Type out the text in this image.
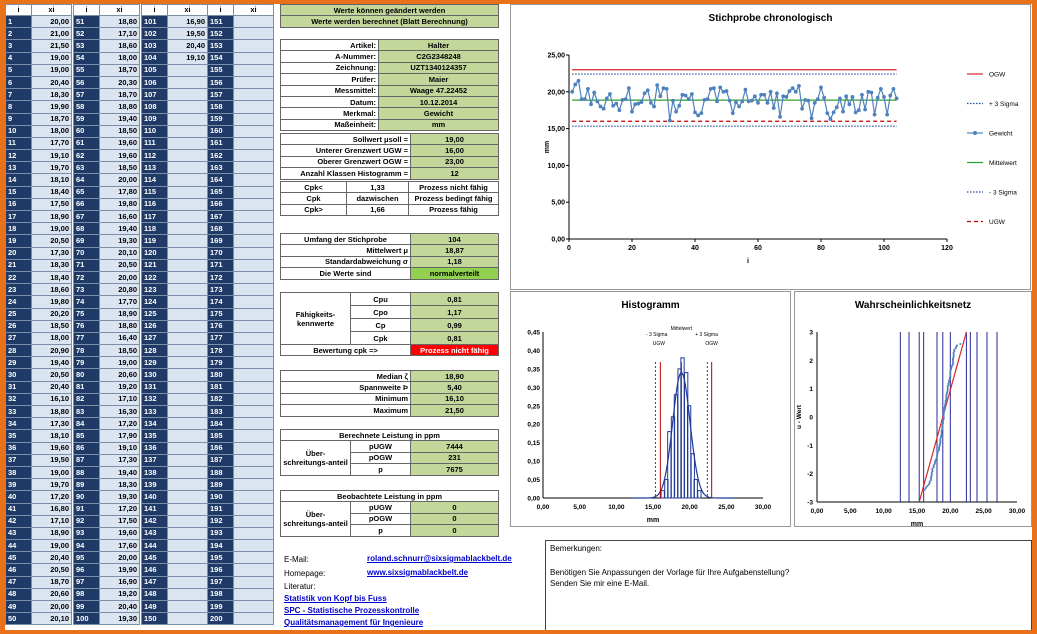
i	xi
1	20,00
2	21,00
3	21,50
4	19,00
5	19,00
6	20,40
7	18,30
8	19,90
9	18,70
10	18,00
11	17,70
12	19,10
13	19,70
14	18,10
15	18,40
16	17,50
17	18,90
18	19,00
19	20,50
20	17,30
21	18,30
22	18,40
23	18,60
24	19,80
25	20,20
26	18,50
27	18,00
28	20,90
29	19,40
30	20,50
31	20,40
32	16,10
33	18,80
34	17,30
35	18,10
36	19,60
37	19,50
38	19,00
39	19,70
40	17,20
41	16,80
42	17,10
43	18,90
44	19,00
45	20,40
46	20,50
47	18,70
48	20,60
49	20,00
50	20,10
i	xi
51	18,80
52	17,10
53	18,60
54	18,00
55	18,70
56	20,30
57	18,70
58	18,80
59	19,40
60	18,50
61	19,60
62	19,60
63	18,50
64	20,00
65	17,80
66	19,80
67	16,60
68	19,40
69	19,30
70	20,10
71	20,50
72	20,00
73	20,80
74	17,70
75	18,90
76	18,80
77	16,40
78	18,50
79	19,00
80	20,60
81	19,20
82	17,10
83	16,30
84	17,20
85	17,90
86	19,10
87	17,30
88	19,40
89	18,30
90	19,30
91	17,20
92	17,50
93	19,60
94	17,60
95	20,00
96	19,90
97	16,90
98	19,20
99	20,40
100	19,30
i	xi
101	16,90
102	19,50
103	20,40
104	19,10
105	
106	
107	
108	
109	
110	
111	
112	
113	
114	
115	
116	
117	
118	
119	
120	
121	
122	
123	
124	
125	
126	
127	
128	
129	
130	
131	
132	
133	
134	
135	
136	
137	
138	
139	
140	
141	
142	
143	
144	
145	
146	
147	
148	
149	
150	
i	xi
151	
152	
153	
154	
155	
156	
157	
158	
159	
160	
161	
162	
163	
164	
165	
166	
167	
168	
169	
170	
171	
172	
173	
174	
175	
176	
177	
178	
179	
180	
181	
182	
183	
184	
185	
186	
187	
188	
189	
190	
191	
192	
193	
194	
195	
196	
197	
198	
199	
200	
Werte können geändert werden
Werte werden berechnet (Blatt Berechnung)
Artikel:	Halter
A-Nummer:	C2G2348248
Zeichnung:	UZT1340124357
Prüfer:	Maier
Messmittel:	Waage 47.22452
Datum:	10.12.2014
Merkmal:	Gewicht
Maßeinheit:	mm
Sollwert μsoll =	19,00
Unterer Grenzwert UGW =	16,00
Oberer Grenzwert OGW =	23,00
Anzahl Klassen Histogramm =	12
Cpk<	1,33	Prozess nicht fähig
Cpk	dazwischen	Prozess bedingt fähig
Cpk>	1,66	Prozess fähig
Umfang der Stichprobe	104
Mittelwert μ	18,87
Standardabweichung σ	1,18
Die Werte sind	normalverteilt
Fähigkeits-kennwerte	Cpu	0,81
	Cpo	1,17
	Cp	0,99
	Cpk	0,81
Bewertung cpk =>		Prozess nicht fähig
Median ζ	18,90
Spannweite Þ	5,40
Minimum	16,10
Maximum	21,50
Berechnete Leistung in ppm		
Über- schreitungs-anteil	pUGW	7444
	pOGW	231
	p	7675
Beobachtete Leistung in ppm		
Über- schreitungs-anteil	pUGW	0
	pOGW	0
	p	0
E-Mail:	roland.schnurr@sixsigmablackbelt.de
Homepage:	www.sixsigmablackbelt.de
Literatur:
Statistik von Kopf bis Fuss
SPC - Statistische Prozesskontrolle
Qualitätsmanagement für Ingenieure
Bemerkungen:
Benötigen Sie Anpassungen der Vorlage für Ihre Aufgabenstellung?
Senden Sie mir eine E-Mail.
Stichprobe chronologisch
0,00
5,00
10,00
15,00
20,00
25,00
0	20	40	60	80	100	120
mm
i
OGW
+ 3 Sigma
Gewicht
Mittelwert
- 3 Sigma
UGW
Histogramm
0,00
0,05
0,10
0,15
0,20
0,25
0,30
0,35
0,40
0,45
0,00	5,00	10,00	15,00	20,00	25,00	30,00
mm
- 3 Sigma
UGW
Mittelwert
+ 3 Sigma
OGW
Wahrscheinlichkeitsnetz
-3
-2
-1
0
1
2
3
0,00	5,00	10,00	15,00	20,00	25,00	30,00
u - Wert
mm
